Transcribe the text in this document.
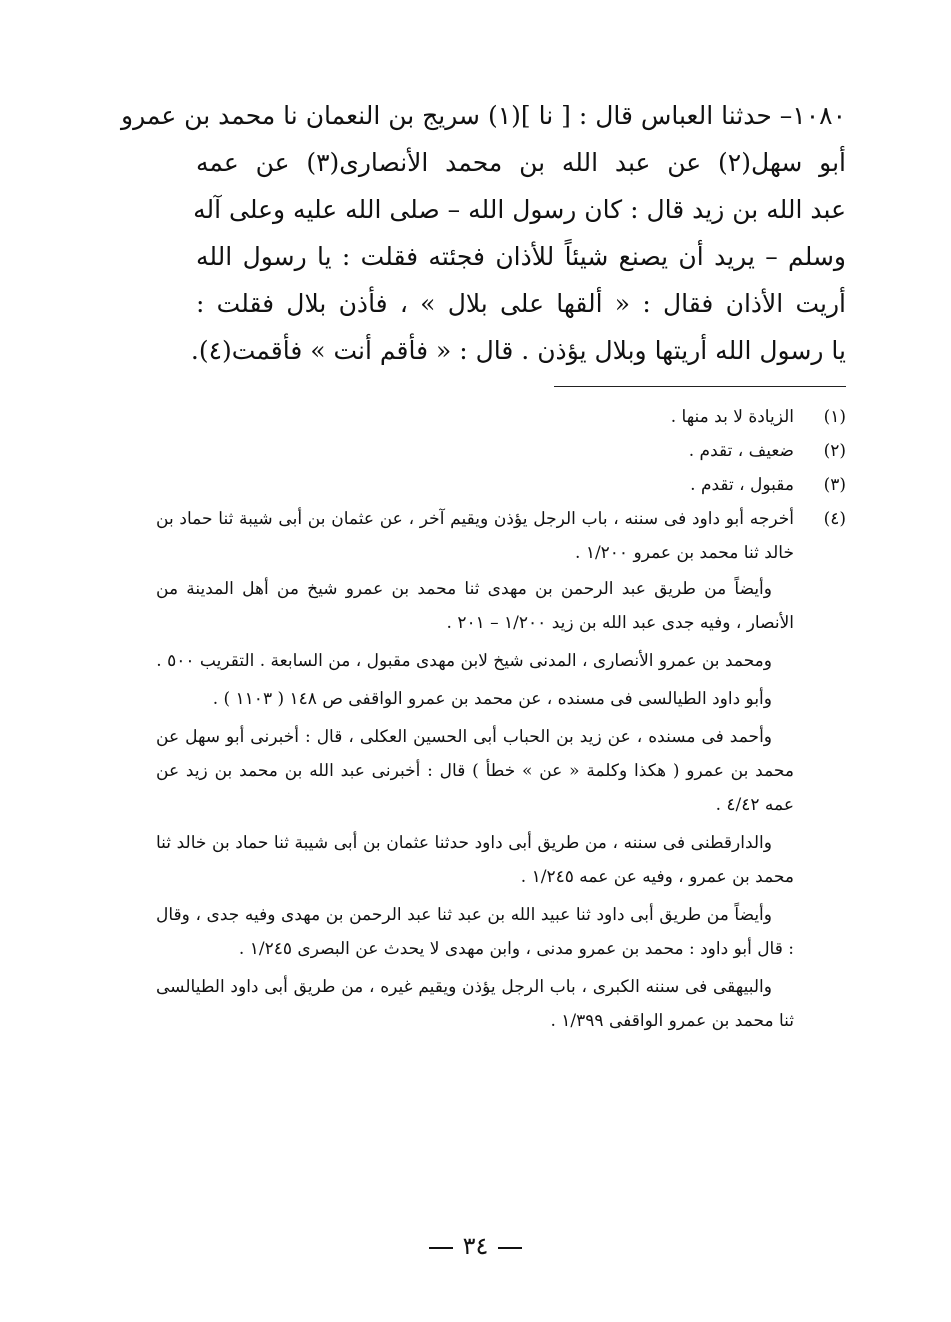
١٠٨٠– حدثنا العباس قال : [ نا ](١) سريج بن النعمان نا محمد بن عمرو
أبو سهل(٢) عن عبد الله بن محمد الأنصارى(٣) عن عمه
عبد الله بن زيد قال : كان رسول الله – صلى الله عليه وعلى آله
وسلم – يريد أن يصنع شيئاً للأذان فجئته فقلت : يا رسول الله
أريت الأذان فقال : « ألقها على بلال » ، فأذن بلال فقلت :
يا رسول الله أريتها وبلال يؤذن . قال : « فأقم أنت » فأقمت(٤).
(١)
الزيادة لا بد منها .
(٢)
ضعيف ، تقدم .
(٣)
مقبول ، تقدم .
(٤)
أخرجه أبو داود فى سننه ، باب الرجل يؤذن ويقيم آخر ، عن عثمان بن أبى شيبة ثنا حماد بن خالد ثنا محمد بن عمرو ١/٢٠٠ .

وأيضاً من طريق عبد الرحمن بن مهدى ثنا محمد بن عمرو شيخ من أهل المدينة من الأنصار ، وفيه جدى عبد الله بن زيد ١/٢٠٠ – ٢٠١ .

ومحمد بن عمرو الأنصارى ، المدنى شيخ لابن مهدى مقبول ، من السابعة . التقريب ٥٠٠ .

وأبو داود الطيالسى فى مسنده ، عن محمد بن عمرو الواقفى ص ١٤٨ ( ١١٠٣ ) .

وأحمد فى مسنده ، عن زيد بن الحباب أبى الحسين العكلى ، قال : أخبرنى أبو سهل عن محمد بن عمرو ( هكذا وكلمة « عن » خطأ ) قال : أخبرنى عبد الله بن محمد بن زيد عن عمه ٤/٤٢ .

والدارقطنى فى سننه ، من طريق أبى داود حدثنا عثمان بن أبى شيبة ثنا حماد بن خالد ثنا محمد بن عمرو ، وفيه عن عمه ١/٢٤٥ .

وأيضاً من طريق أبى داود ثنا عبيد الله بن عبد ثنا عبد الرحمن بن مهدى وفيه جدى ، وقال : قال أبو داود : محمد بن عمرو مدنى ، وابن مهدى لا يحدث عن البصرى ١/٢٤٥ .

والبيهقى فى سننه الكبرى ، باب الرجل يؤذن ويقيم غيره ، من طريق أبى داود الطيالسى ثنا محمد بن عمرو الواقفى ١/٣٩٩ .

٣٤
